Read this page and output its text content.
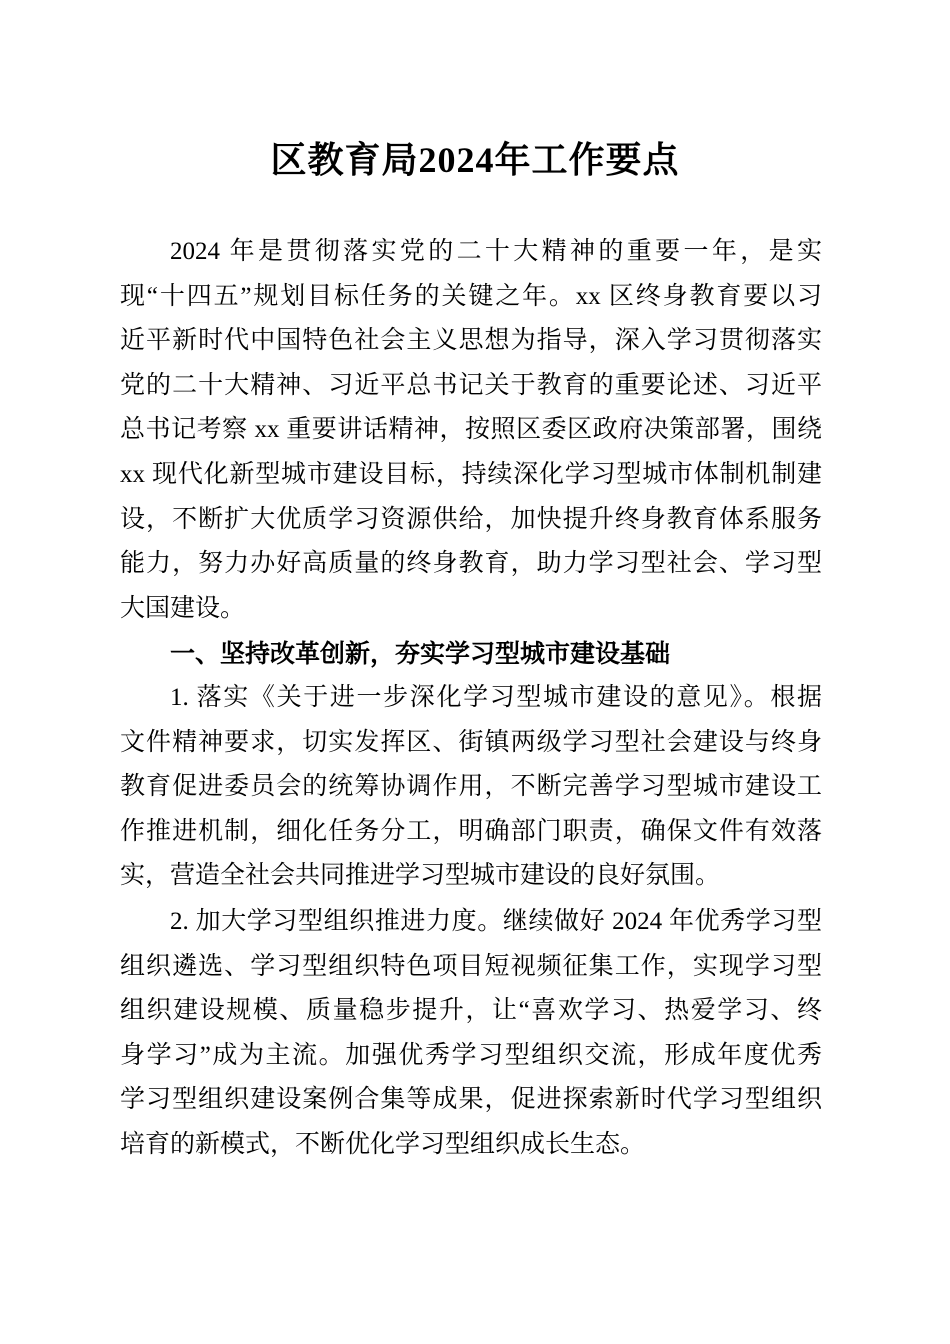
区教育局2024年工作要点
2024 年是贯彻落实党的二十大精神的重要一年，是实
现“十四五”规划目标任务的关键之年。xx 区终身教育要以习
近平新时代中国特色社会主义思想为指导，深入学习贯彻落实
党的二十大精神、习近平总书记关于教育的重要论述、习近平
总书记考察 xx 重要讲话精神，按照区委区政府决策部署，围绕
xx 现代化新型城市建设目标，持续深化学习型城市体制机制建
设，不断扩大优质学习资源供给，加快提升终身教育体系服务
能力，努力办好高质量的终身教育，助力学习型社会、学习型
大国建设。
一、坚持改革创新，夯实学习型城市建设基础
1. 落实《关于进一步深化学习型城市建设的意见》。根据
文件精神要求，切实发挥区、街镇两级学习型社会建设与终身
教育促进委员会的统筹协调作用，不断完善学习型城市建设工
作推进机制，细化任务分工，明确部门职责，确保文件有效落
实，营造全社会共同推进学习型城市建设的良好氛围。
2. 加大学习型组织推进力度。继续做好 2024 年优秀学习型
组织遴选、学习型组织特色项目短视频征集工作，实现学习型
组织建设规模、质量稳步提升，让“喜欢学习、热爱学习、终
身学习”成为主流。加强优秀学习型组织交流，形成年度优秀
学习型组织建设案例合集等成果，促进探索新时代学习型组织
培育的新模式，不断优化学习型组织成长生态。
